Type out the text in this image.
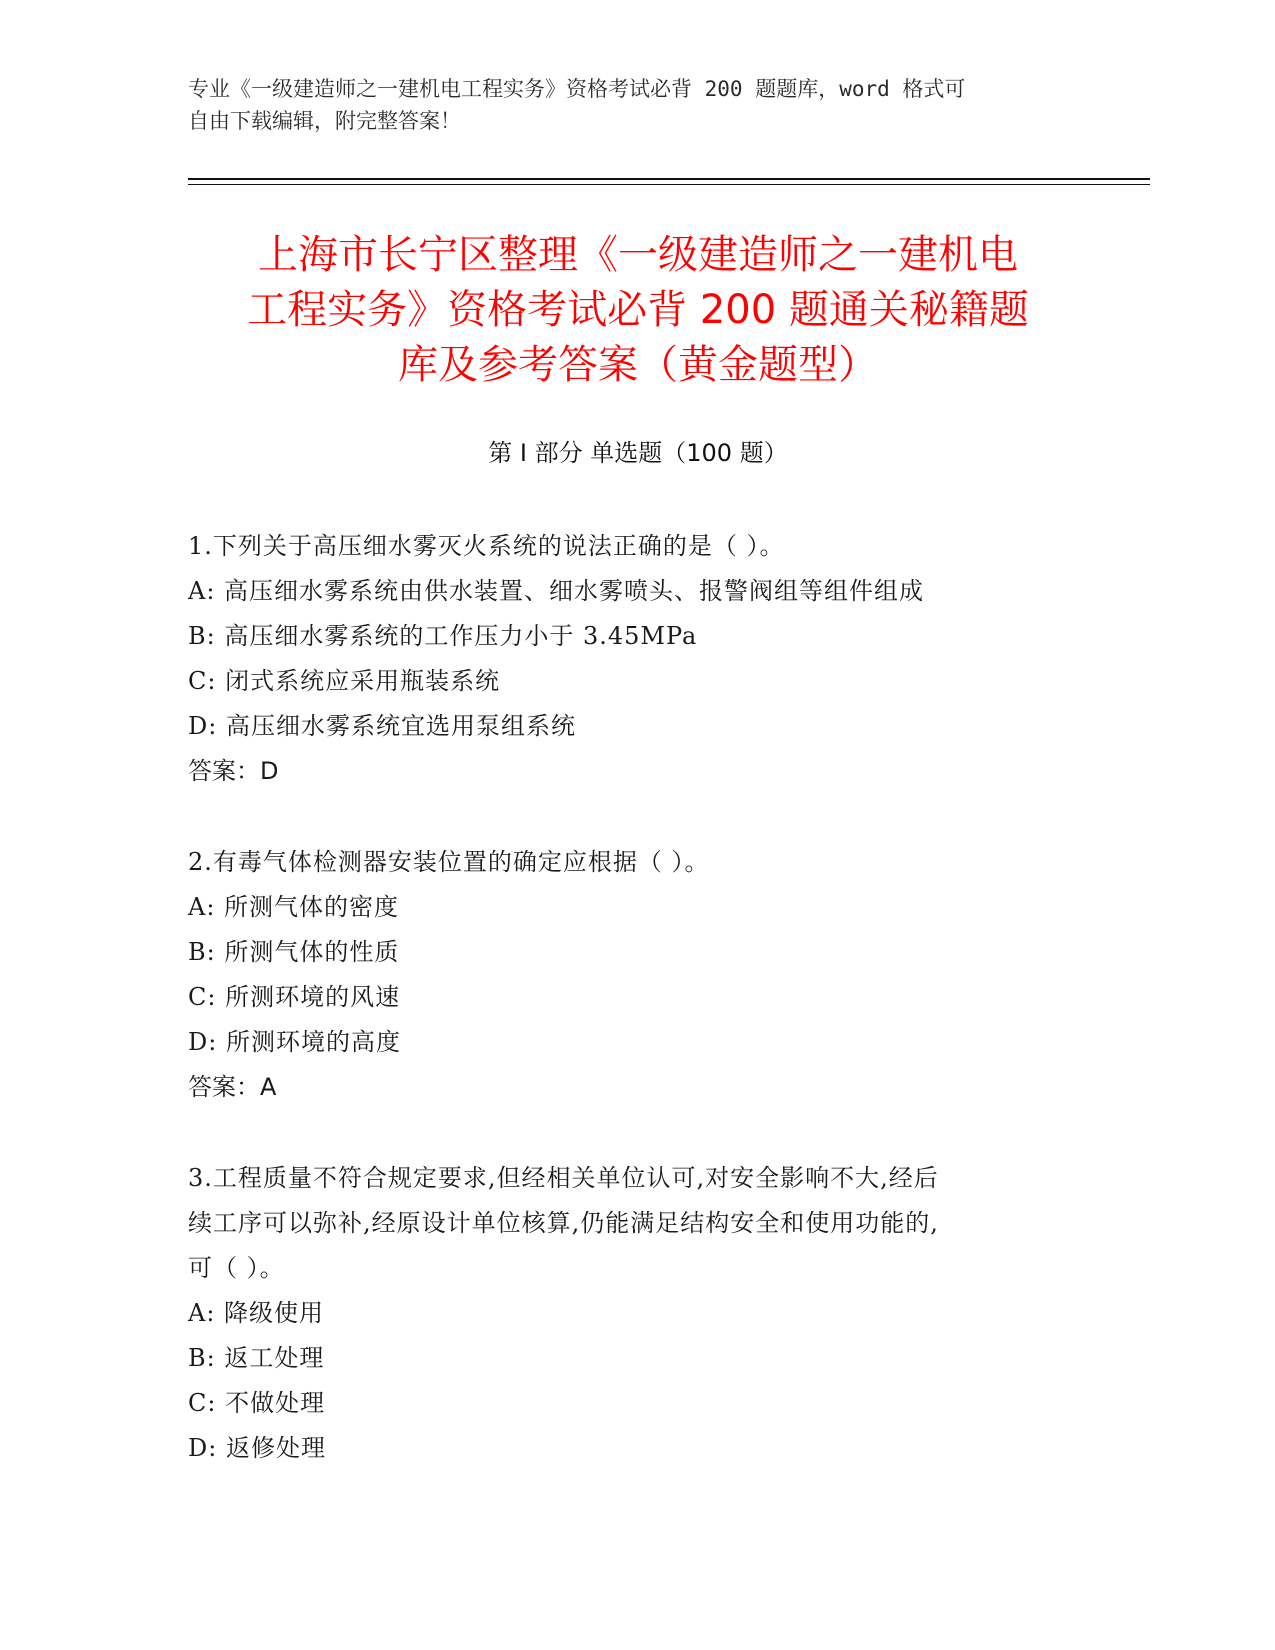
专业《一级建造师之一建机电工程实务》资格考试必背 200 题题库，word 格式可
自由下载编辑，附完整答案！
上海市长宁区整理《一级建造师之一建机电
工程实务》资格考试必背 200 题通关秘籍题
库及参考答案（黄金题型）
第 I 部分 单选题（100 题）

1.下列关于高压细水雾灭火系统的说法正确的是（ ）。

A: 高压细水雾系统由供水装置、细水雾喷头、报警阀组等组件组成

B: 高压细水雾系统的工作压力小于 3.45MPa

C: 闭式系统应采用瓶装系统

D: 高压细水雾系统宜选用泵组系统

答案：D

2.有毒气体检测器安装位置的确定应根据（ ）。

A: 所测气体的密度

B: 所测气体的性质

C: 所测环境的风速

D: 所测环境的高度

答案：A

3.工程质量不符合规定要求,但经相关单位认可,对安全影响不大,经后

续工序可以弥补,经原设计单位核算,仍能满足结构安全和使用功能的,

可（ ）。

A: 降级使用

B: 返工处理

C: 不做处理

D: 返修处理
